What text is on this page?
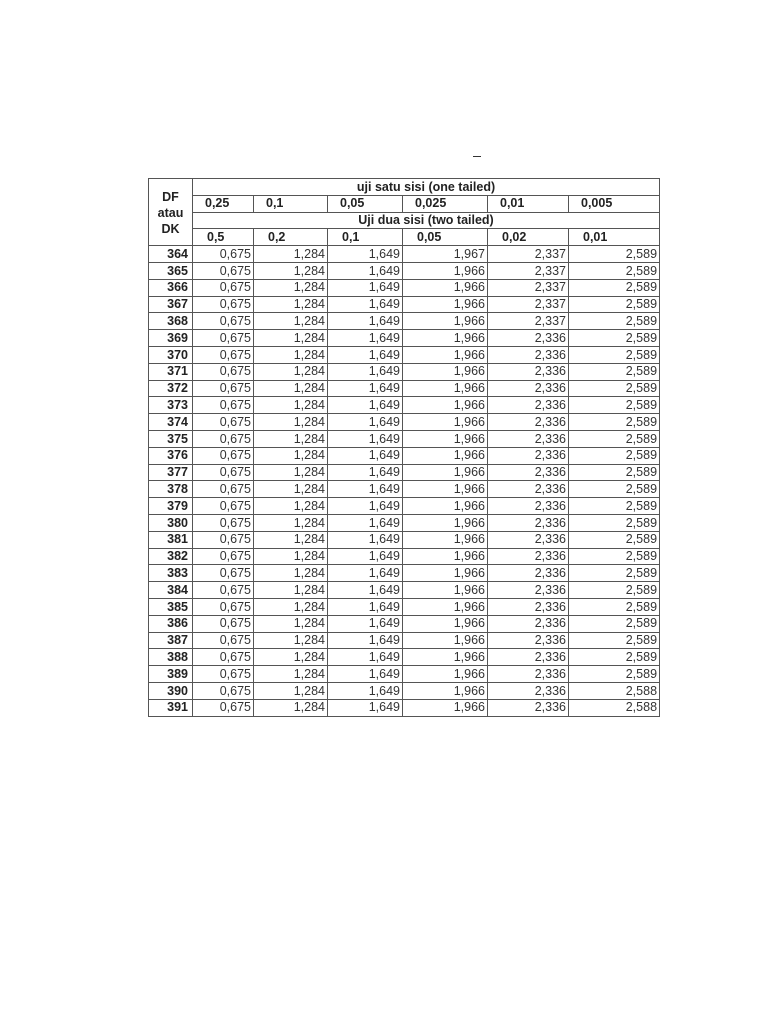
DF atau DK	uji satu sisi (one tailed)					
	0,25	0,1	0,05	0,025	0,01	0,005
	Uji dua sisi (two tailed)					
	0,5	0,2	0,1	0,05	0,02	0,01
364	0,675	1,284	1,649	1,967	2,337	2,589
365	0,675	1,284	1,649	1,966	2,337	2,589
366	0,675	1,284	1,649	1,966	2,337	2,589
367	0,675	1,284	1,649	1,966	2,337	2,589
368	0,675	1,284	1,649	1,966	2,337	2,589
369	0,675	1,284	1,649	1,966	2,336	2,589
370	0,675	1,284	1,649	1,966	2,336	2,589
371	0,675	1,284	1,649	1,966	2,336	2,589
372	0,675	1,284	1,649	1,966	2,336	2,589
373	0,675	1,284	1,649	1,966	2,336	2,589
374	0,675	1,284	1,649	1,966	2,336	2,589
375	0,675	1,284	1,649	1,966	2,336	2,589
376	0,675	1,284	1,649	1,966	2,336	2,589
377	0,675	1,284	1,649	1,966	2,336	2,589
378	0,675	1,284	1,649	1,966	2,336	2,589
379	0,675	1,284	1,649	1,966	2,336	2,589
380	0,675	1,284	1,649	1,966	2,336	2,589
381	0,675	1,284	1,649	1,966	2,336	2,589
382	0,675	1,284	1,649	1,966	2,336	2,589
383	0,675	1,284	1,649	1,966	2,336	2,589
384	0,675	1,284	1,649	1,966	2,336	2,589
385	0,675	1,284	1,649	1,966	2,336	2,589
386	0,675	1,284	1,649	1,966	2,336	2,589
387	0,675	1,284	1,649	1,966	2,336	2,589
388	0,675	1,284	1,649	1,966	2,336	2,589
389	0,675	1,284	1,649	1,966	2,336	2,589
390	0,675	1,284	1,649	1,966	2,336	2,588
391	0,675	1,284	1,649	1,966	2,336	2,588
